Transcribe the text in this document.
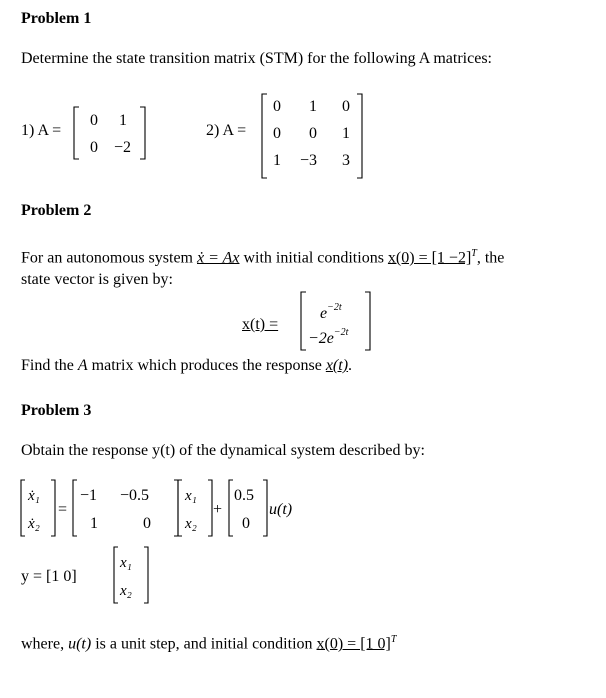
Problem 1
Determine the state transition matrix (STM) for the following A matrices:
1) A =
0 1
0 −2
2) A =
0 1 0
0 0 1
1 −3 3
Problem 2
For an autonomous system ẋ = Ax with initial conditions $x(0) = [1 -2]^T$, the
state vector is given by:
x(t) =
$e^{-2t}$
$-2e^{-2t}$
Find the A matrix which produces the response x(t).
Problem 3
Obtain the response y(t) of the dynamical system described by:
ẋ₁
ẋ₂
=
−1 −0.5
1	0
x₁
x₂
+
0.5
0
u(t)
y = [1 0]
x₁
x₂
where, u(t) is a unit step, and initial condition x(0) = [1 0]$^T$
